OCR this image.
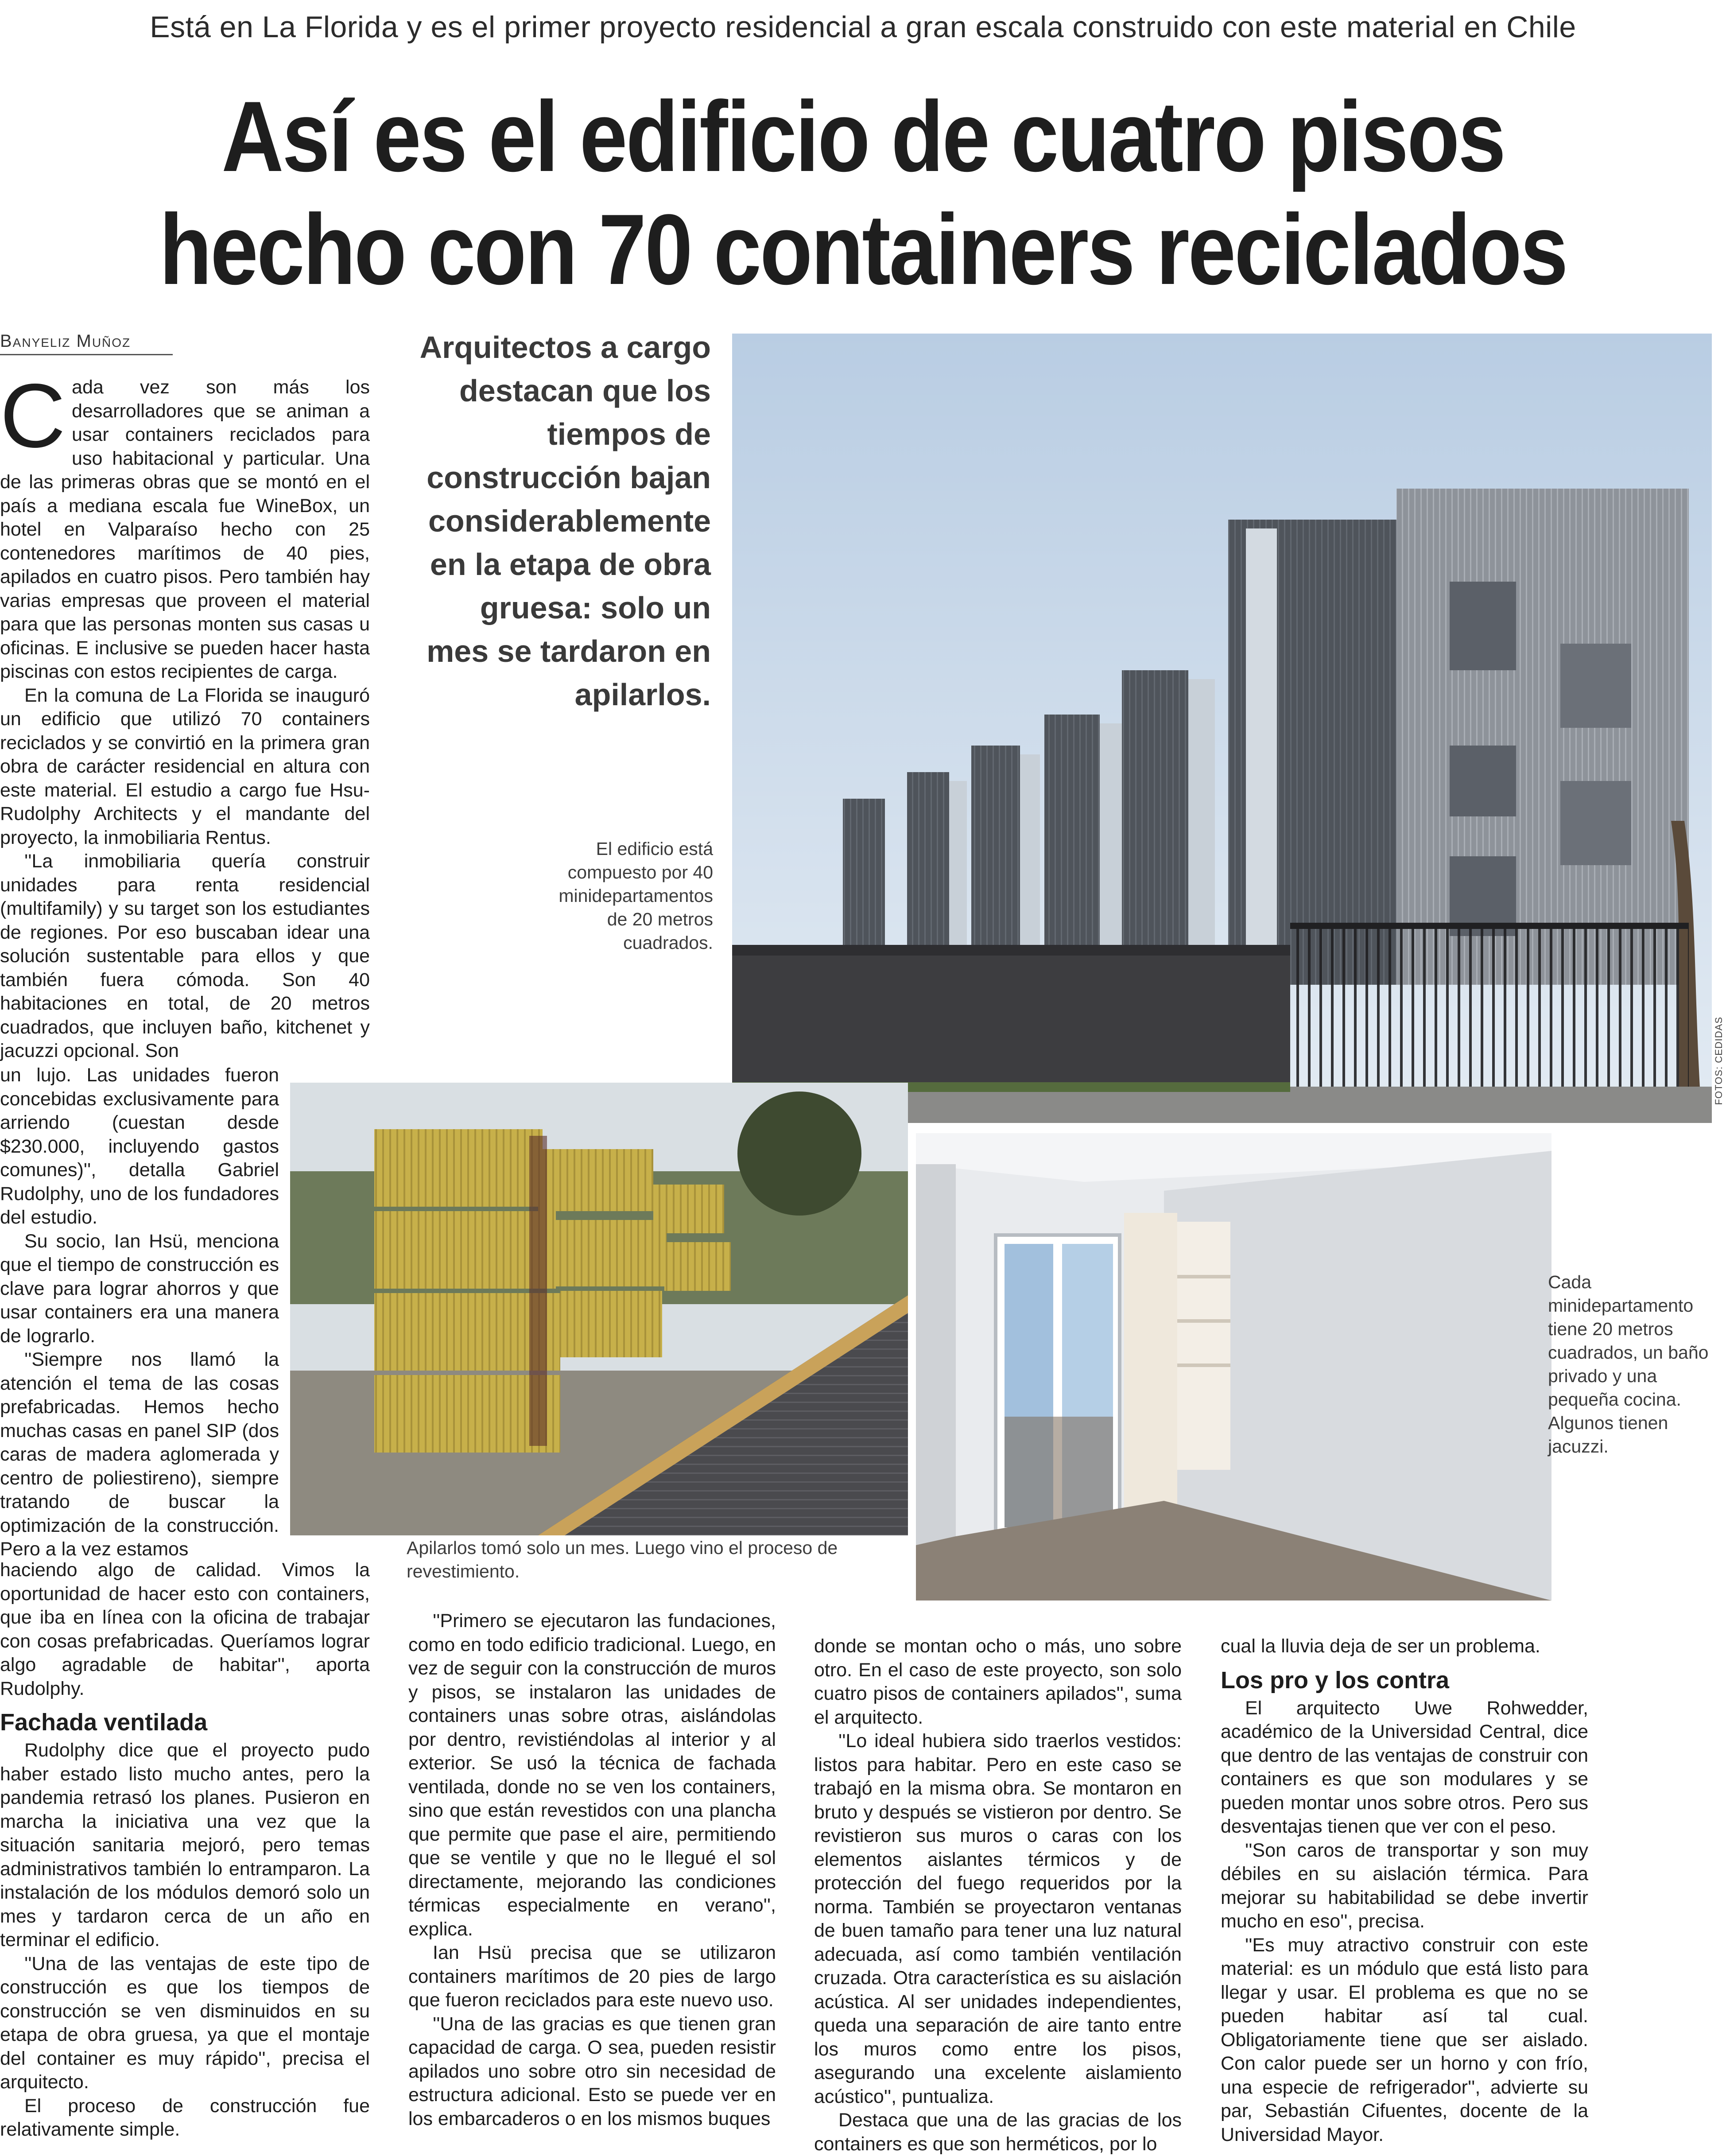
Está en La Florida y es el primer proyecto residencial a gran escala construido con este material en Chile
Así es el edificio de cuatro pisos
hecho con 70 containers reciclados
Banyeliz Muñoz

Cada vez son más los desarrolladores que se animan a usar containers reciclados para uso habitacional y particular. Una de las primeras obras que se montó en el país a mediana escala fue WineBox, un hotel en Valparaíso hecho con 25 contenedores marítimos de 40 pies, apilados en cuatro pisos. Pero también hay varias empresas que proveen el material para que las personas monten sus casas u oficinas. E inclusive se pueden hacer hasta piscinas con estos recipientes de carga.

En la comuna de La Florida se inauguró un edificio que utilizó 70 containers reciclados y se convirtió en la primera gran obra de carácter residencial en altura con este material. El estudio a cargo fue Hsu-Rudolphy Architects y el mandante del proyecto, la inmobiliaria Rentus.

''La inmobiliaria quería construir unidades para renta residencial (multifamily) y su target son los estudiantes de regiones. Por eso buscaban idear una solución sustentable para ellos y que también fuera cómoda. Son 40 habitaciones en total, de 20 metros cuadrados, que incluyen baño, kitchenet y jacuzzi opcional. Son

un lujo. Las unidades fueron concebidas exclusivamente para arriendo (cuestan desde $230.000, incluyendo gastos comunes)'', detalla Gabriel Rudolphy, uno de los fundadores del estudio.

Su socio, Ian Hsü, menciona que el tiempo de construcción es clave para lograr ahorros y que usar containers era una manera de lograrlo.

''Siempre nos llamó la atención el tema de las cosas prefabricadas. Hemos hecho muchas casas en panel SIP (dos caras de madera aglomerada y centro de poliestireno), siempre tratando de buscar la optimización de la construcción. Pero a la vez estamos

haciendo algo de calidad. Vimos la oportunidad de hacer esto con containers, que iba en línea con la oficina de trabajar con cosas prefabricadas. Queríamos lograr algo agradable de habitar'', aporta Rudolphy.

Fachada ventilada

Rudolphy dice que el proyecto pudo haber estado listo mucho antes, pero la pandemia retrasó los planes. Pusieron en marcha la iniciativa una vez que la situación sanitaria mejoró, pero temas administrativos también lo entramparon. La instalación de los módulos demoró solo un mes y tardaron cerca de un año en terminar el edificio.

''Una de las ventajas de este tipo de construcción es que los tiempos de construcción se ven disminuidos en su etapa de obra gruesa, ya que el montaje del container es muy rápido'', precisa el arquitecto.

El proceso de construcción fue relativamente simple.

Arquitectos a cargo destacan que los tiempos de construcción bajan considerablemente en la etapa de obra gruesa: solo un mes se tardaron en apilarlos.
El edificio está compuesto por 40 minidepartamentos de 20 metros cuadrados.
FOTOS: CEDIDAS
Apilarlos tomó solo un mes. Luego vino el proceso de revestimiento.
Cada minidepartamento tiene 20 metros cuadrados, un baño privado y una pequeña cocina. Algunos tienen jacuzzi.

''Primero se ejecutaron las fundaciones, como en todo edificio tradicional. Luego, en vez de seguir con la construcción de muros y pisos, se instalaron las unidades de containers unas sobre otras, aislándolas por dentro, revistiéndolas al interior y al exterior. Se usó la técnica de fachada ventilada, donde no se ven los containers, sino que están revestidos con una plancha que permite que pase el aire, permitiendo que se ventile y que no le llegué el sol directamente, mejorando las condiciones térmicas especialmente en verano'', explica.

Ian Hsü precisa que se utilizaron containers marítimos de 20 pies de largo que fueron reciclados para este nuevo uso.

''Una de las gracias es que tienen gran capacidad de carga. O sea, pueden resistir apilados uno sobre otro sin necesidad de estructura adicional. Esto se puede ver en los embarcaderos o en los mismos buques

donde se montan ocho o más, uno sobre otro. En el caso de este proyecto, son solo cuatro pisos de containers apilados'', suma el arquitecto.

''Lo ideal hubiera sido traerlos vestidos: listos para habitar. Pero en este caso se trabajó en la misma obra. Se montaron en bruto y después se vistieron por dentro. Se revistieron sus muros o caras con los elementos aislantes térmicos y de protección del fuego requeridos por la norma. También se proyectaron ventanas de buen tamaño para tener una luz natural adecuada, así como también ventilación cruzada. Otra característica es su aislación acústica. Al ser unidades independientes, queda una separación de aire tanto entre los muros como entre los pisos, asegurando una excelente aislamiento acústico'', puntualiza.

Destaca que una de las gracias de los containers es que son herméticos, por lo

cual la lluvia deja de ser un problema.

Los pro y los contra

El arquitecto Uwe Rohwedder, académico de la Universidad Central, dice que dentro de las ventajas de construir con containers es que son modulares y se pueden montar unos sobre otros. Pero sus desventajas tienen que ver con el peso.

''Son caros de transportar y son muy débiles en su aislación térmica. Para mejorar su habitabilidad se debe invertir mucho en eso'', precisa.

''Es muy atractivo construir con este material: es un módulo que está listo para llegar y usar. El problema es que no se pueden habitar así tal cual. Obligatoriamente tiene que ser aislado. Con calor puede ser un horno y con frío, una especie de refrigerador'', advierte su par, Sebastián Cifuentes, docente de la Universidad Mayor.
